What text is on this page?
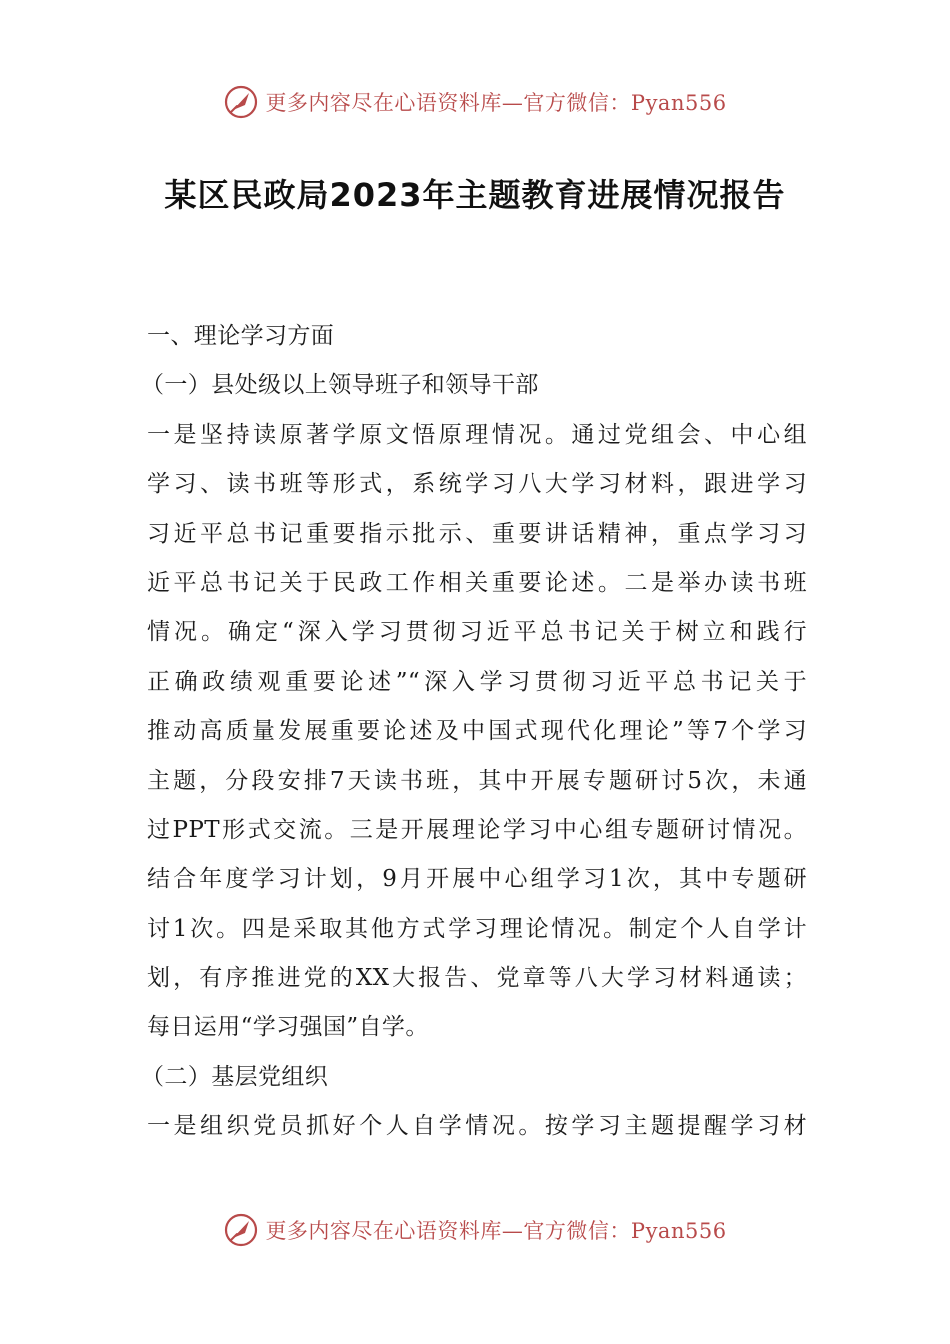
更多内容尽在心语资料库—官方微信：Pyan556
某区民政局2023年主题教育进展情况报告
一、理论学习方面
（一）县处级以上领导班子和领导干部
一是坚持读原著学原文悟原理情况。通过党组会、中心组
学习、读书班等形式，系统学习八大学习材料，跟进学习
习近平总书记重要指示批示、重要讲话精神，重点学习习
近平总书记关于民政工作相关重要论述。二是举办读书班
情况。确定“深入学习贯彻习近平总书记关于树立和践行
正确政绩观重要论述”“深入学习贯彻习近平总书记关于
推动高质量发展重要论述及中国式现代化理论”等7个学习
主题，分段安排7天读书班，其中开展专题研讨5次，未通
过PPT形式交流。三是开展理论学习中心组专题研讨情况。
结合年度学习计划，9月开展中心组学习1次，其中专题研
讨1次。四是采取其他方式学习理论情况。制定个人自学计
划，有序推进党的XX大报告、党章等八大学习材料通读；
每日运用“学习强国”自学。
（二）基层党组织
一是组织党员抓好个人自学情况。按学习主题提醒学习材
更多内容尽在心语资料库—官方微信：Pyan556
